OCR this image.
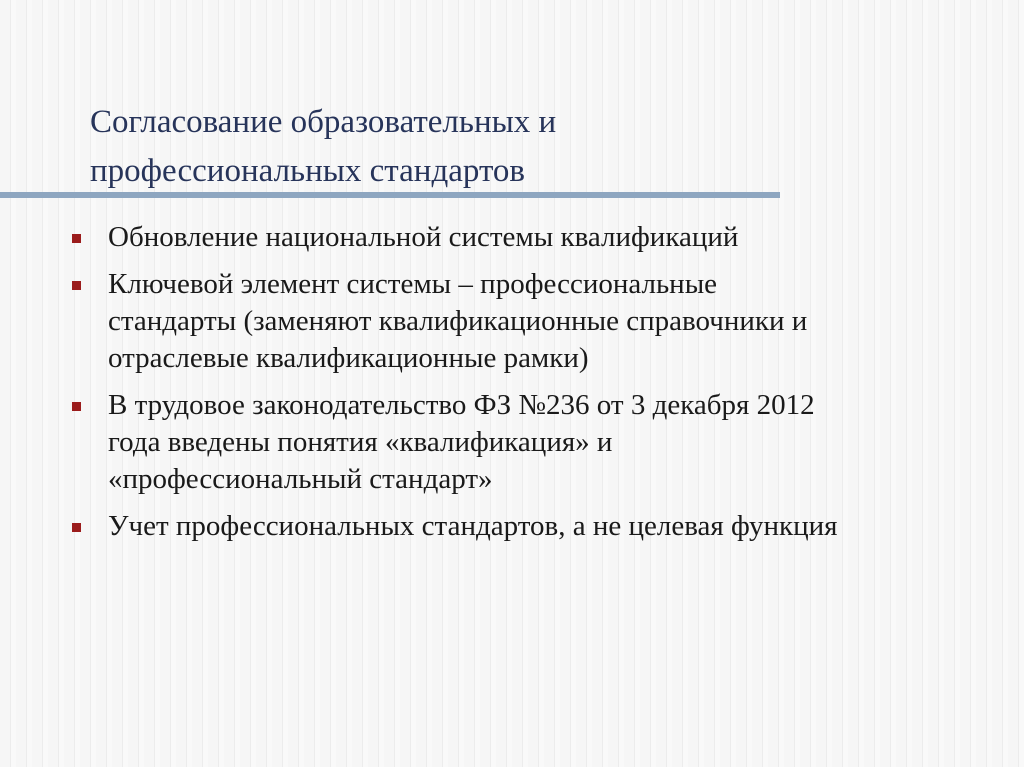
Согласование образовательных и
профессиональных стандартов
Обновление национальной системы квалификаций
Ключевой элемент системы – профессиональные
стандарты (заменяют квалификационные справочники и
отраслевые квалификационные рамки)
В трудовое законодательство ФЗ №236 от 3 декабря 2012
года введены понятия «квалификация» и
«профессиональный стандарт»
Учет профессиональных стандартов, а не целевая функция
